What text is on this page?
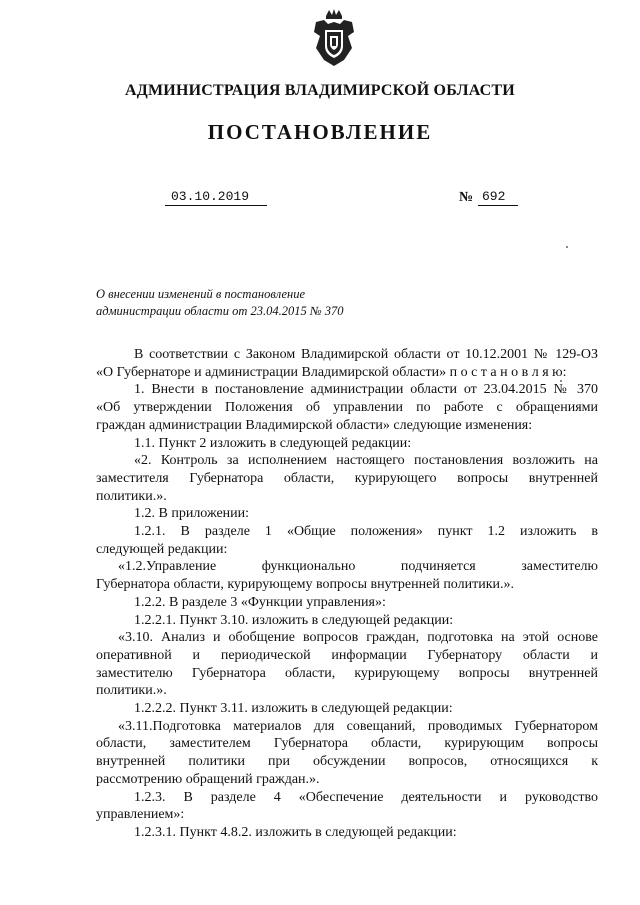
АДМИНИСТРАЦИЯ ВЛАДИМИРСКОЙ ОБЛАСТИ
ПОСТАНОВЛЕНИЕ
03.10.2019	№ 692
О внесении изменений в постановление
администрации области от 23.04.2015 № 370
В соответствии с Законом Владимирской области от 10.12.2001 № 129-ОЗ
«О Губернаторе и администрации Владимирской области» п о с т а н о в л я ю:
1. Внести в постановление администрации области от 23.04.2015 № 370
«Об утверждении Положения об управлении по работе с обращениями
граждан администрации Владимирской области» следующие изменения:
1.1. Пункт 2 изложить в следующей редакции:
«2. Контроль за исполнением настоящего постановления возложить на
заместителя Губернатора области, курирующего вопросы внутренней
политики.».
1.2. В приложении:
1.2.1. В разделе 1 «Общие положения» пункт 1.2 изложить в
следующей редакции:
«1.2.Управление функционально подчиняется заместителю
Губернатора области, курирующему вопросы внутренней политики.».
1.2.2. В разделе 3 «Функции управления»:
1.2.2.1. Пункт 3.10. изложить в следующей редакции:
«3.10. Анализ и обобщение вопросов граждан, подготовка на этой основе
оперативной и периодической информации Губернатору области и
заместителю Губернатора области, курирующему вопросы внутренней
политики.».
1.2.2.2. Пункт 3.11. изложить в следующей редакции:
«3.11.Подготовка материалов для совещаний, проводимых Губернатором
области, заместителем Губернатора области, курирующим вопросы
внутренней политики при обсуждении вопросов, относящихся к
рассмотрению обращений граждан.».
1.2.3. В разделе 4 «Обеспечение деятельности и руководство
управлением»:
1.2.3.1. Пункт 4.8.2. изложить в следующей редакции:
